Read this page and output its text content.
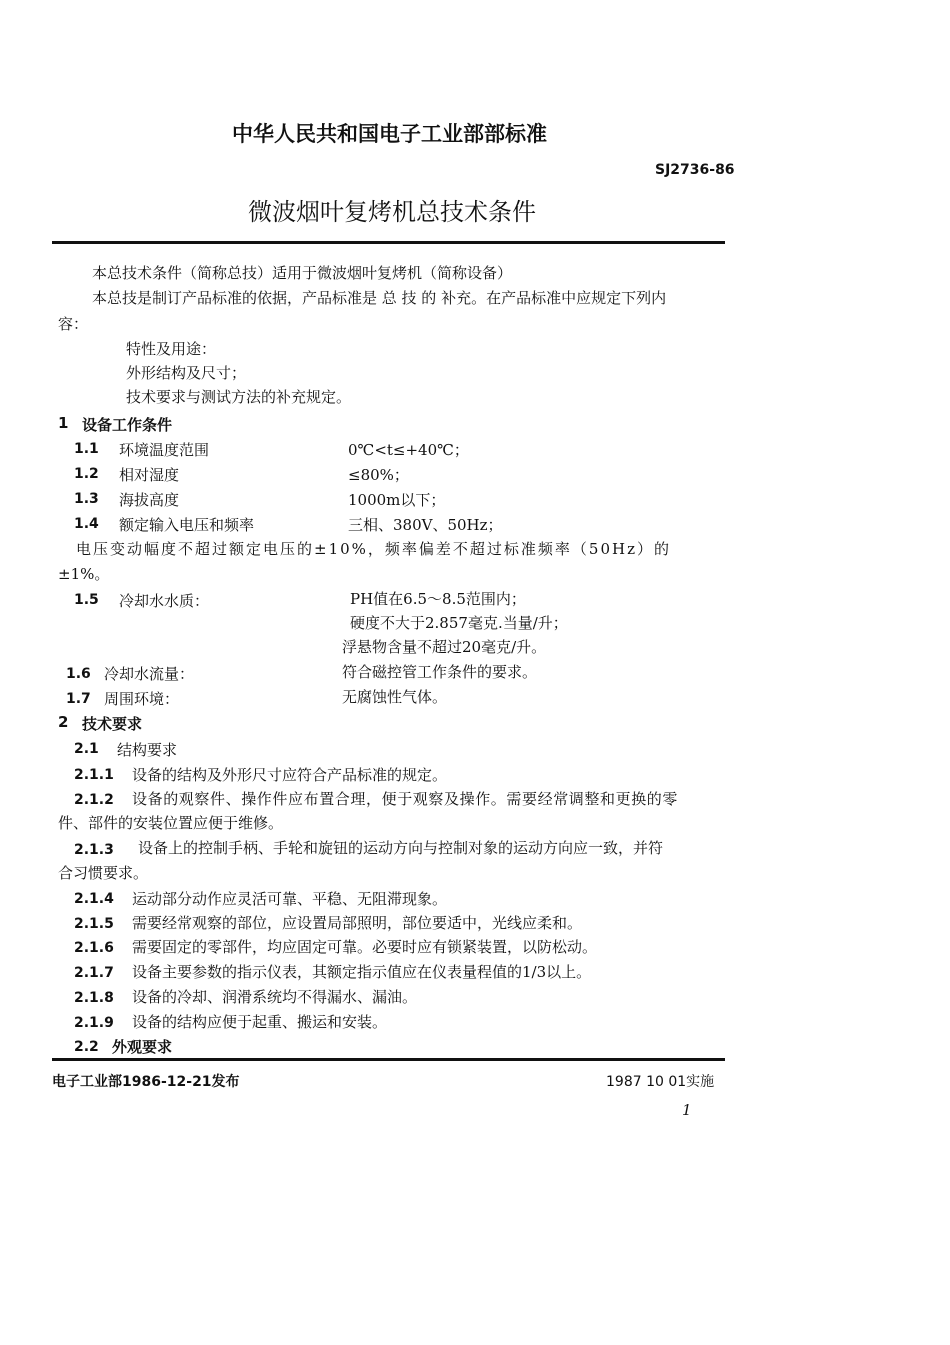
中华人民共和国电子工业部部标准
SJ2736-86
微波烟叶复烤机总技术条件
本总技术条件（简称总技）适用于微波烟叶复烤机（简称设备）
本总技是制订产品标准的依据，产品标准是 总 技 的 补充。在产品标准中应规定下列内
容：
特性及用途：
外形结构及尺寸；
技术要求与测试方法的补充规定。
1 设备工作条件
1.1 环境温度范围	0℃<t≤+40℃；
1.2 相对湿度	≤80%；
1.3 海拔高度	1000m以下；
1.4 额定输入电压和频率	三相、380V、50Hz；
电压变动幅度不超过额定电压的±10%，频率偏差不超过标准频率（50Hz）的
±1%。
1.5 冷却水水质：	PH值在6.5～8.5范围内；
硬度不大于2.857毫克.当量/升；
浮悬物含量不超过20毫克/升。
1.6 冷却水流量：	符合磁控管工作条件的要求。
1.7 周围环境：	无腐蚀性气体。
2 技术要求
2.1 结构要求
2.1.1 设备的结构及外形尺寸应符合产品标准的规定。
2.1.2 设备的观察件、操作件应布置合理，便于观察及操作。需要经常调整和更换的零
件、部件的安装位置应便于维修。
2.1.3 设备上的控制手柄、手轮和旋钮的运动方向与控制对象的运动方向应一致，并符
合习惯要求。
2.1.4 运动部分动作应灵活可靠、平稳、无阻滞现象。
2.1.5 需要经常观察的部位，应设置局部照明，部位要适中，光线应柔和。
2.1.6 需要固定的零部件，均应固定可靠。必要时应有锁紧装置，以防松动。
2.1.7 设备主要参数的指示仪表，其额定指示值应在仪表量程值的1/3以上。
2.1.8 设备的冷却、润滑系统均不得漏水、漏油。
2.1.9 设备的结构应便于起重、搬运和安装。
2.2 外观要求
电子工业部1986-12-21发布	1987 10 01实施
1
